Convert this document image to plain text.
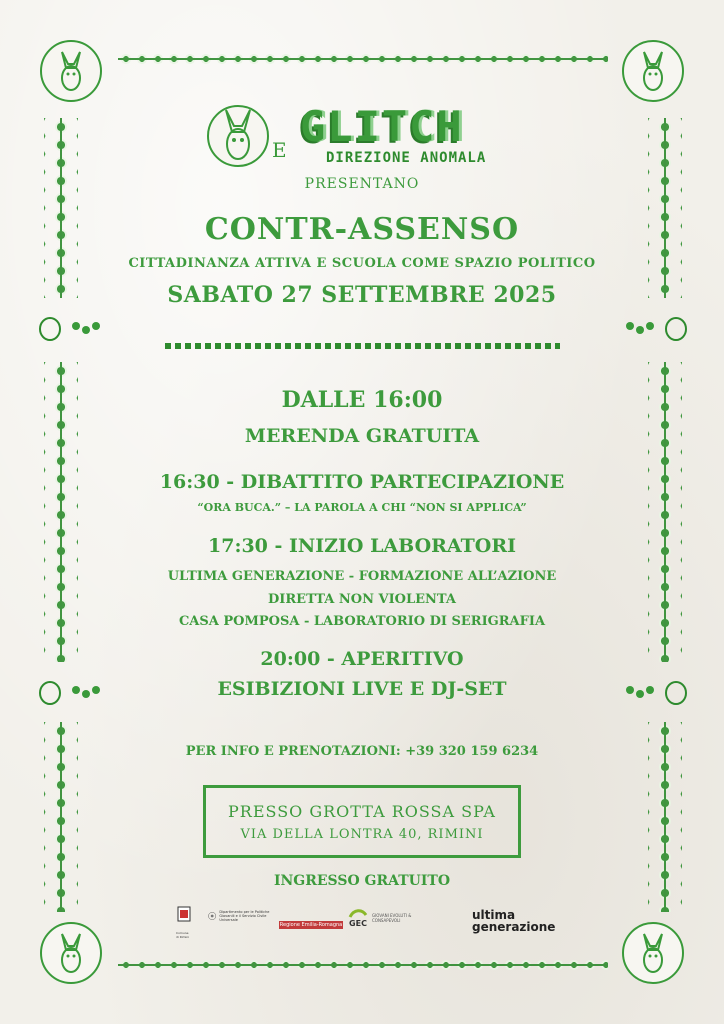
E GLITCH
DIREZIONE ANOMALA
PRESENTANO
CONTR-ASSENSO
CITTADINANZA ATTIVA E SCUOLA COME SPAZIO POLITICO
SABATO 27 SETTEMBRE 2025
DALLE 16:00
MERENDA GRATUITA
16:30 - DIBATTITO PARTECIPAZIONE
“ORA BUCA.” – LA PAROLA A CHI “NON SI APPLICA”
17:30 - INIZIO LABORATORI
ULTIMA GENERAZIONE - FORMAZIONE ALL’AZIONE
DIRETTA NON VIOLENTA
CASA POMPOSA - LABORATORIO DI SERIGRAFIA
20:00 - APERITIVO
ESIBIZIONI LIVE E DJ-SET
PER INFO E PRENOTAZIONI: +39 320 159 6234
PRESSO GROTTA ROSSA SPA
VIA DELLA LONTRA 40, RIMINI
INGRESSO GRATUITO
Comune di Rimini
Dipartimento per le Politiche Giovanili e il Servizio Civile Universale
Regione Emilia-Romagna GEC
GIOVANI EVOLUTI & CONSAPEVOLI	ultima
generazione
